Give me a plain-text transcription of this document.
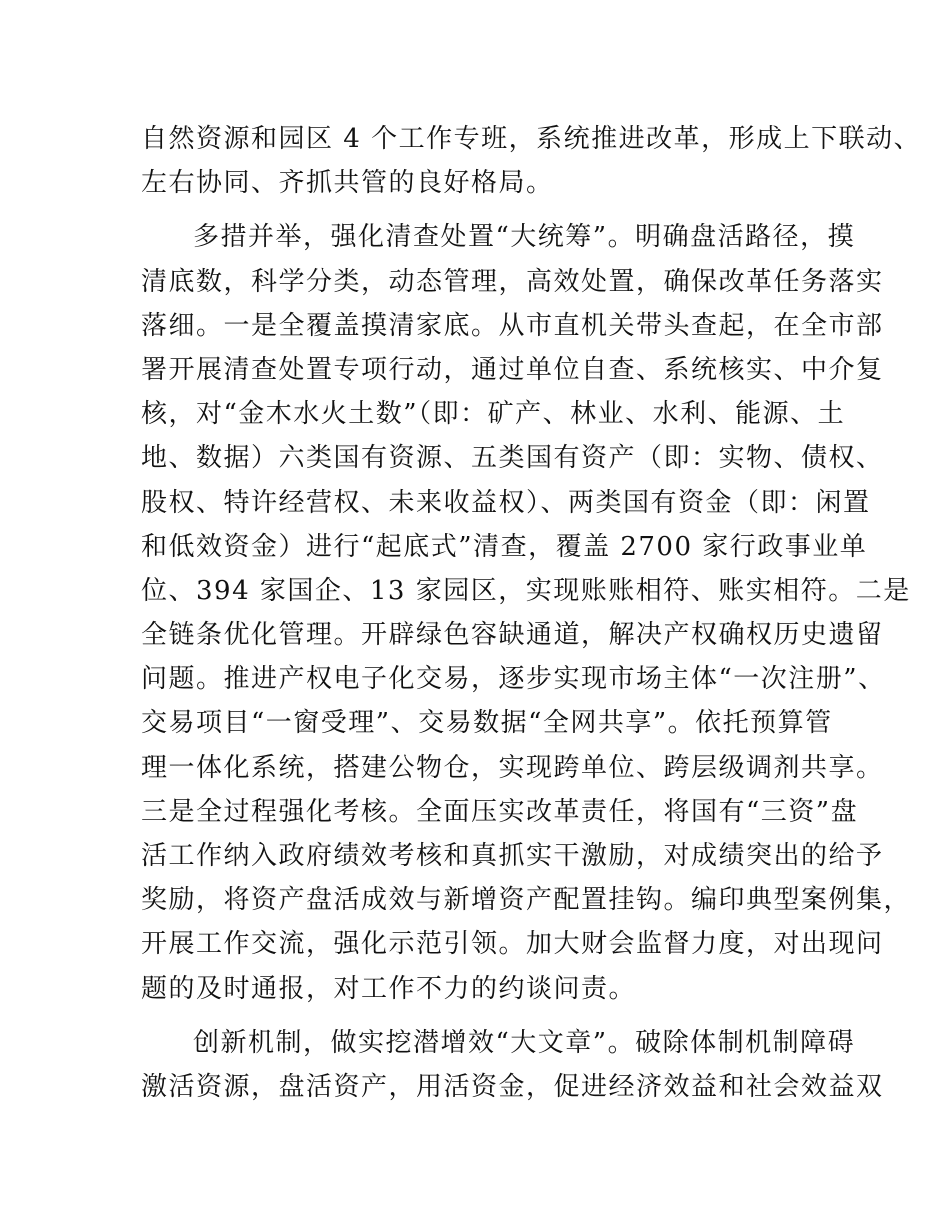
自然资源和园区 4 个工作专班，系统推进改革，形成上下联动、
左右协同、齐抓共管的良好格局。
多措并举，强化清查处置“大统筹”。明确盘活路径，摸
清底数，科学分类，动态管理，高效处置，确保改革任务落实
落细。一是全覆盖摸清家底。从市直机关带头查起，在全市部
署开展清查处置专项行动，通过单位自查、系统核实、中介复
核，对“金木水火土数”（即：矿产、林业、水利、能源、土
地、数据）六类国有资源、五类国有资产（即：实物、债权、
股权、特许经营权、未来收益权）、两类国有资金（即：闲置
和低效资金）进行“起底式”清查，覆盖 2700 家行政事业单
位、394 家国企、13 家园区，实现账账相符、账实相符。二是
全链条优化管理。开辟绿色容缺通道，解决产权确权历史遗留
问题。推进产权电子化交易，逐步实现市场主体“一次注册”、
交易项目“一窗受理”、交易数据“全网共享”。依托预算管
理一体化系统，搭建公物仓，实现跨单位、跨层级调剂共享。
三是全过程强化考核。全面压实改革责任，将国有“三资”盘
活工作纳入政府绩效考核和真抓实干激励，对成绩突出的给予
奖励，将资产盘活成效与新增资产配置挂钩。编印典型案例集，
开展工作交流，强化示范引领。加大财会监督力度，对出现问
题的及时通报，对工作不力的约谈问责。
创新机制，做实挖潜增效“大文章”。破除体制机制障碍
激活资源，盘活资产，用活资金，促进经济效益和社会效益双
